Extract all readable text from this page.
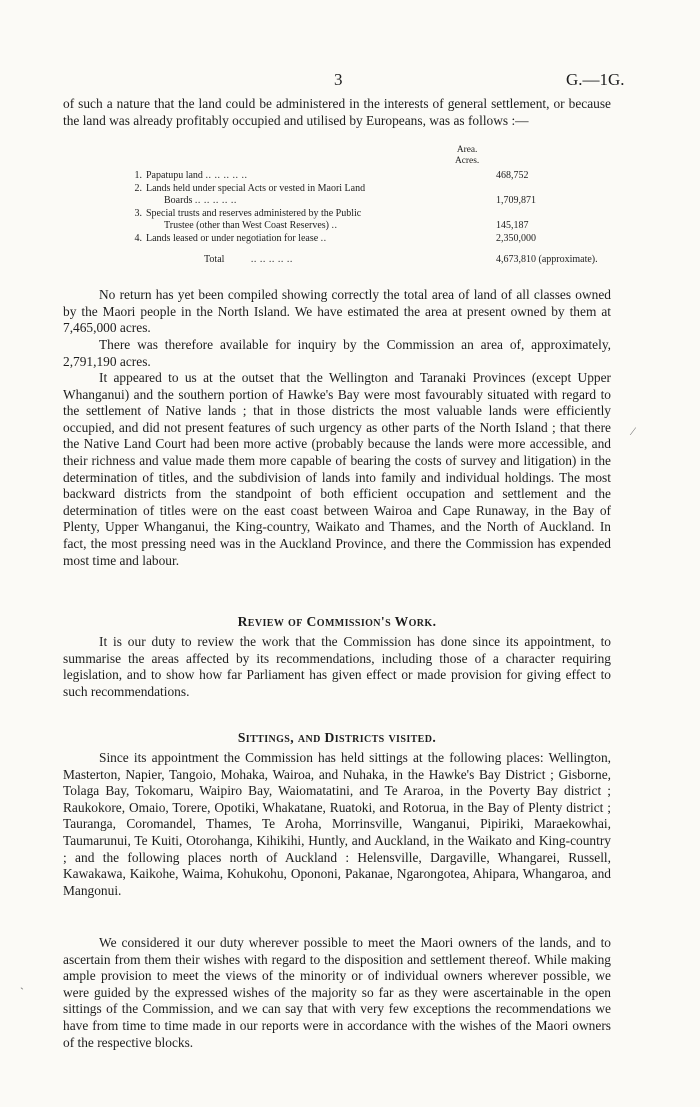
3	G.—1G.

of such a nature that the land could be administered in the interests of general settlement, or because the land was already profitably occupied and utilised by Europeans, was as follows :—

Area.
Acres.
1.	Papatupu land .. .. .. .. ..	468,752
2.	Lands held under special Acts or vested in Maori Land	
	Boards .. .. .. .. ..	1,709,871
3.	Special trusts and reserves administered by the Public	
	Trustee (other than West Coast Reserves) ..	145,187
4.	Lands leased or under negotiation for lease ..	2,350,000

	Total .. .. .. .. ..	4,673,810 (approximate).

No return has yet been compiled showing correctly the total area of land of all classes owned by the Maori people in the North Island. We have estimated the area at present owned by them at 7,465,000 acres.

There was therefore available for inquiry by the Commission an area of, approximately, 2,791,190 acres.

It appeared to us at the outset that the Wellington and Taranaki Provinces (except Upper Whanganui) and the southern portion of Hawke's Bay were most favourably situated with regard to the settlement of Native lands ; that in those districts the most valuable lands were efficiently occupied, and did not present features of such urgency as other parts of the North Island ; that there the Native Land Court had been more active (probably because the lands were more accessible, and their richness and value made them more capable of bearing the costs of survey and litigation) in the determination of titles, and the subdivision of lands into family and individual holdings. The most backward districts from the standpoint of both efficient occupation and settlement and the determination of titles were on the east coast between Wairoa and Cape Runaway, in the Bay of Plenty, Upper Whanganui, the King-country, Waikato and Thames, and the North of Auckland. In fact, the most pressing need was in the Auckland Province, and there the Commission has expended most time and labour.

Review of Commission's Work.

It is our duty to review the work that the Commission has done since its appointment, to summarise the areas affected by its recommendations, including those of a character requiring legislation, and to show how far Parliament has given effect or made provision for giving effect to such recommendations.

Sittings, and Districts visited.

Since its appointment the Commission has held sittings at the following places: Wellington, Masterton, Napier, Tangoio, Mohaka, Wairoa, and Nuhaka, in the Hawke's Bay District ; Gisborne, Tolaga Bay, Tokomaru, Waipiro Bay, Waiomatatini, and Te Araroa, in the Poverty Bay district ; Raukokore, Omaio, Torere, Opotiki, Whakatane, Ruatoki, and Rotorua, in the Bay of Plenty district ; Tauranga, Coromandel, Thames, Te Aroha, Morrinsville, Wanganui, Pipiriki, Maraekowhai, Taumarunui, Te Kuiti, Otorohanga, Kihikihi, Huntly, and Auckland, in the Waikato and King-country ; and the following places north of Auckland : Helensville, Dargaville, Whangarei, Russell, Kawakawa, Kaikohe, Waima, Kohukohu, Opononi, Pakanae, Ngarongotea, Ahipara, Whangaroa, and Mangonui.

We considered it our duty wherever possible to meet the Maori owners of the lands, and to ascertain from them their wishes with regard to the disposition and settlement thereof. While making ample provision to meet the views of the minority or of individual owners wherever possible, we were guided by the expressed wishes of the majority so far as they were ascertainable in the open sittings of the Commission, and we can say that with very few exceptions the recommendations we have from time to time made in our reports were in accordance with the wishes of the Maori owners of the respective blocks.

⁄
ˋ
